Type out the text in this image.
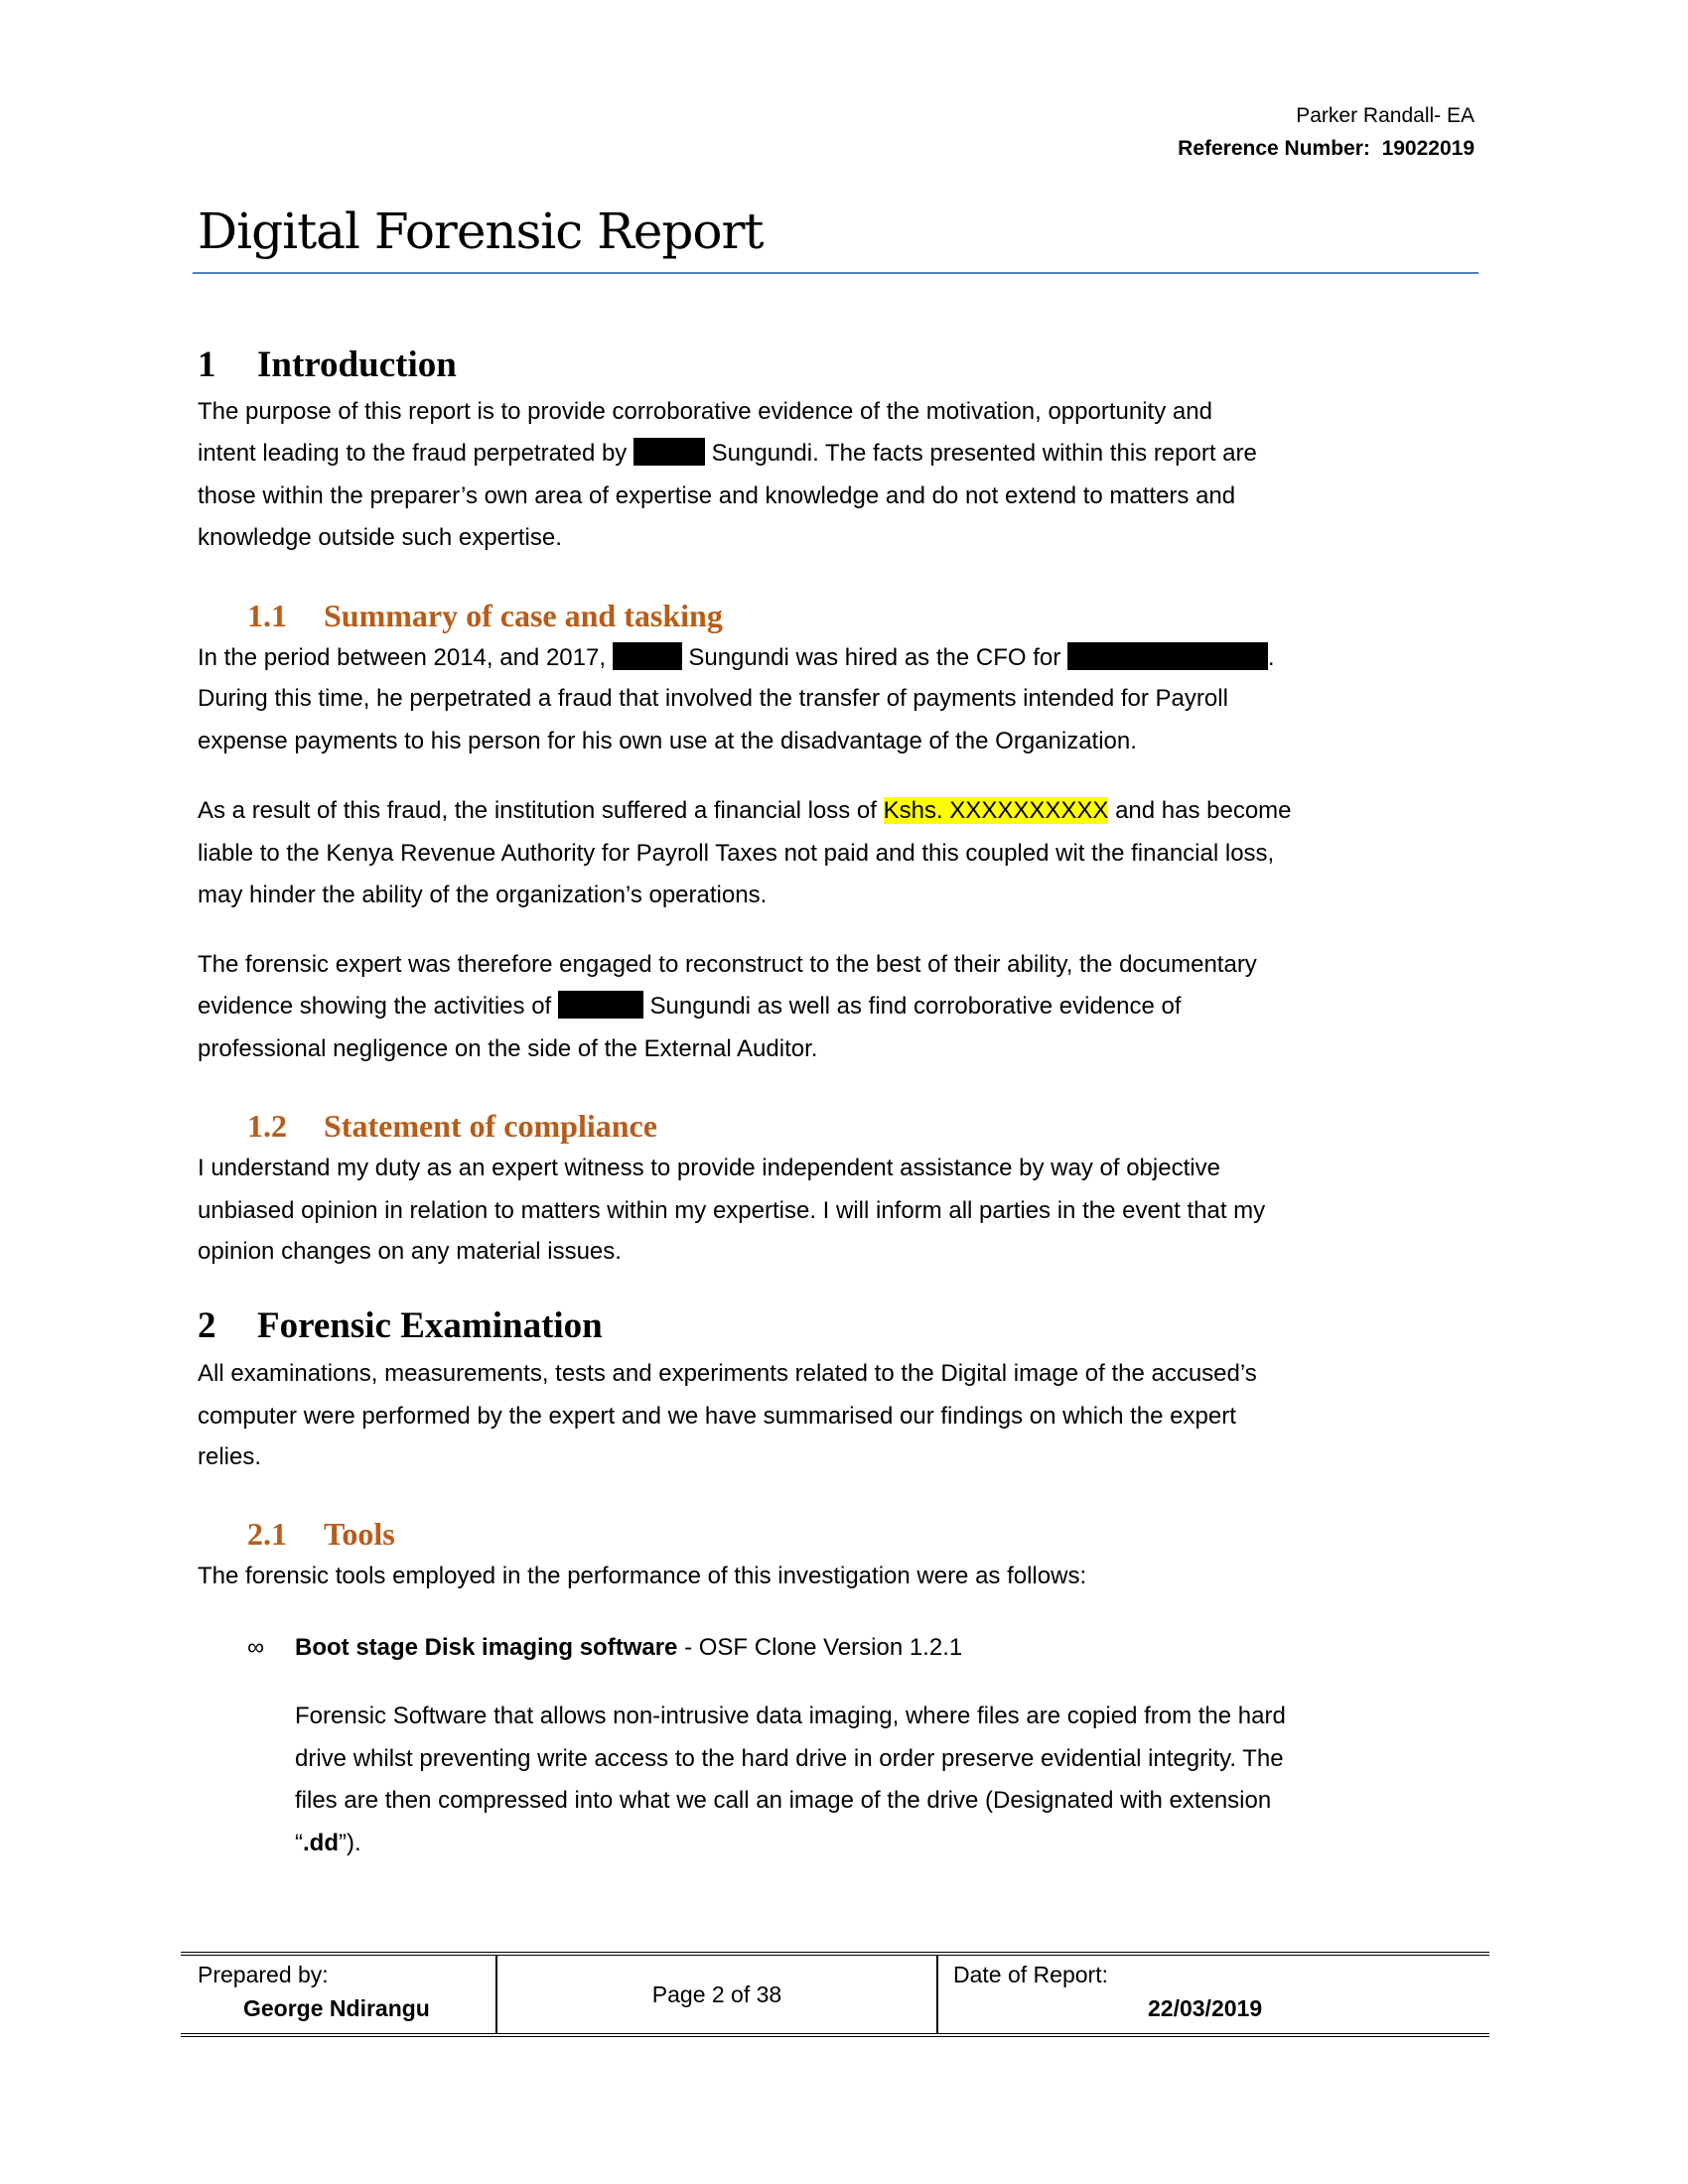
Parker Randall- EA
Reference Number: 19022019
Digital Forensic Report
1 Introduction
The purpose of this report is to provide corroborative evidence of the motivation, opportunity and
intent leading to the fraud perpetrated by	Sungundi. The facts presented within this report are
those within the preparer’s own area of expertise and knowledge and do not extend to matters and
knowledge outside such expertise.
1.1 Summary of case and tasking
In the period between 2014, and 2017,	Sungundi was hired as the CFO for	.
During this time, he perpetrated a fraud that involved the transfer of payments intended for Payroll
expense payments to his person for his own use at the disadvantage of the Organization.
As a result of this fraud, the institution suffered a financial loss of Kshs. XXXXXXXXXX and has become
liable to the Kenya Revenue Authority for Payroll Taxes not paid and this coupled wit the financial loss,
may hinder the ability of the organization’s operations.
The forensic expert was therefore engaged to reconstruct to the best of their ability, the documentary
evidence showing the activities of	Sungundi as well as find corroborative evidence of
professional negligence on the side of the External Auditor.
1.2 Statement of compliance
I understand my duty as an expert witness to provide independent assistance by way of objective
unbiased opinion in relation to matters within my expertise. I will inform all parties in the event that my
opinion changes on any material issues.
2 Forensic Examination
All examinations, measurements, tests and experiments related to the Digital image of the accused’s
computer were performed by the expert and we have summarised our findings on which the expert
relies.
2.1 Tools
The forensic tools employed in the performance of this investigation were as follows:
∞ Boot stage Disk imaging software - OSF Clone Version 1.2.1
Forensic Software that allows non-intrusive data imaging, where files are copied from the hard
drive whilst preventing write access to the hard drive in order preserve evidential integrity. The
files are then compressed into what we call an image of the drive (Designated with extension
“.dd”).
Prepared by:
George Ndirangu
Page 2 of 38
Date of Report:
22/03/2019
